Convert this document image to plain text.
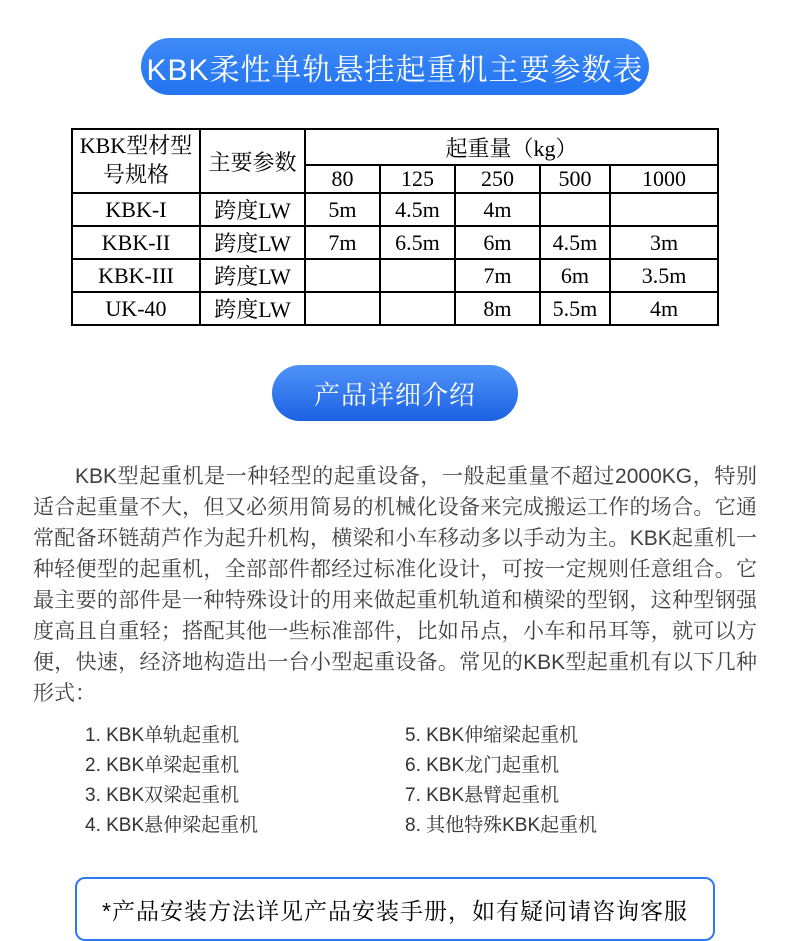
KBK柔性单轨悬挂起重机主要参数表
KBK型材型号规格	主要参数	起重量（kg）				
		80	125	250	500	1000
KBK-I	跨度LW	5m	4.5m	4m		
KBK-II	跨度LW	7m	6.5m	6m	4.5m	3m
KBK-III	跨度LW			7m	6m	3.5m
UK-40	跨度LW			8m	5.5m	4m
产品详细介绍

KBK型起重机是一种轻型的起重设备，一般起重量不超过2000KG，特别适合起重量不大，但又必须用简易的机械化设备来完成搬运工作的场合。它通常配备环链葫芦作为起升机构，横梁和小车移动多以手动为主。KBK起重机一种轻便型的起重机，全部部件都经过标准化设计，可按一定规则任意组合。它最主要的部件是一种特殊设计的用来做起重机轨道和横梁的型钢，这种型钢强度高且自重轻；搭配其他一些标准部件，比如吊点，小车和吊耳等，就可以方便，快速，经济地构造出一台小型起重设备。常见的KBK型起重机有以下几种形式：

1. KBK单轨起重机
2. KBK单梁起重机
3. KBK双梁起重机
4. KBK悬伸梁起重机
5. KBK伸缩梁起重机
6. KBK龙门起重机
7. KBK悬臂起重机
8. 其他特殊KBK起重机
*产品安装方法详见产品安装手册，如有疑问请咨询客服
